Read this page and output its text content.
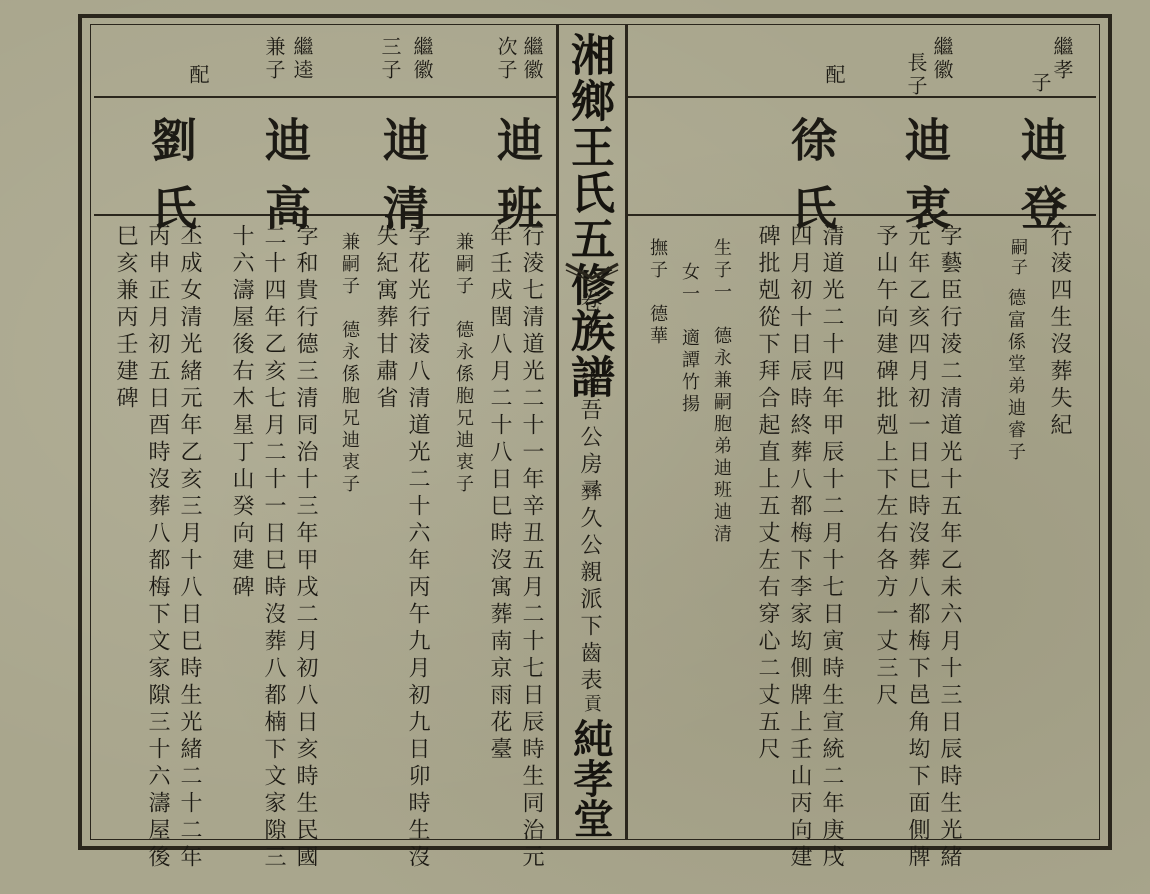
湘鄉王氏五修族譜
卷十　省吾公房彞久公親派下齒表
貢
純孝堂
繼孝
子
迪登
行淩四生沒葬失紀
繼徽
長子
迪衷
字藝臣行淩二清道光十五年乙未六月十三日辰時生光緒
元年乙亥四月初一日巳時沒葬八都梅下邑角㘭下面側牌
予山午向建碑批剋上下左右各方一丈三尺	嗣子
德富係堂弟迪睿子
配
徐氏
清道光二十四年甲辰十二月十七日寅時生宣統二年庚戌
四月初十日辰時終葬八都梅下李家㘭側牌上壬山丙向建
碑批剋從下拜合起直上五丈左右穿心二丈五尺
生子一　德永兼嗣胞弟迪班迪清
女一　適譚竹揚
撫子　德華
繼徽
次子
迪班
行淩七清道光二十一年辛丑五月二十七日辰時生同治元
年壬戌閏八月二十八日巳時沒寓葬南京雨花臺
兼嗣子　德永係胞兄迪衷子
繼徽
三子
迪清
字花光行淩八清道光二十六年丙午九月初九日卯時生沒
失紀寓葬甘肅省
兼嗣子　德永係胞兄迪衷子
繼逵
兼子
迪高
字和貴行德三清同治十三年甲戌二月初八日亥時生民國
二十四年乙亥七月二十一日巳時沒葬八都楠下文家隙三
十六濤屋後右木星丁山癸向建碑
配
劉氏
丕成女清光緒元年乙亥三月十八日巳時生光緒二十二年
丙申正月初五日酉時沒葬八都梅下文家隙三十六濤屋後
巳亥兼丙壬建碑
